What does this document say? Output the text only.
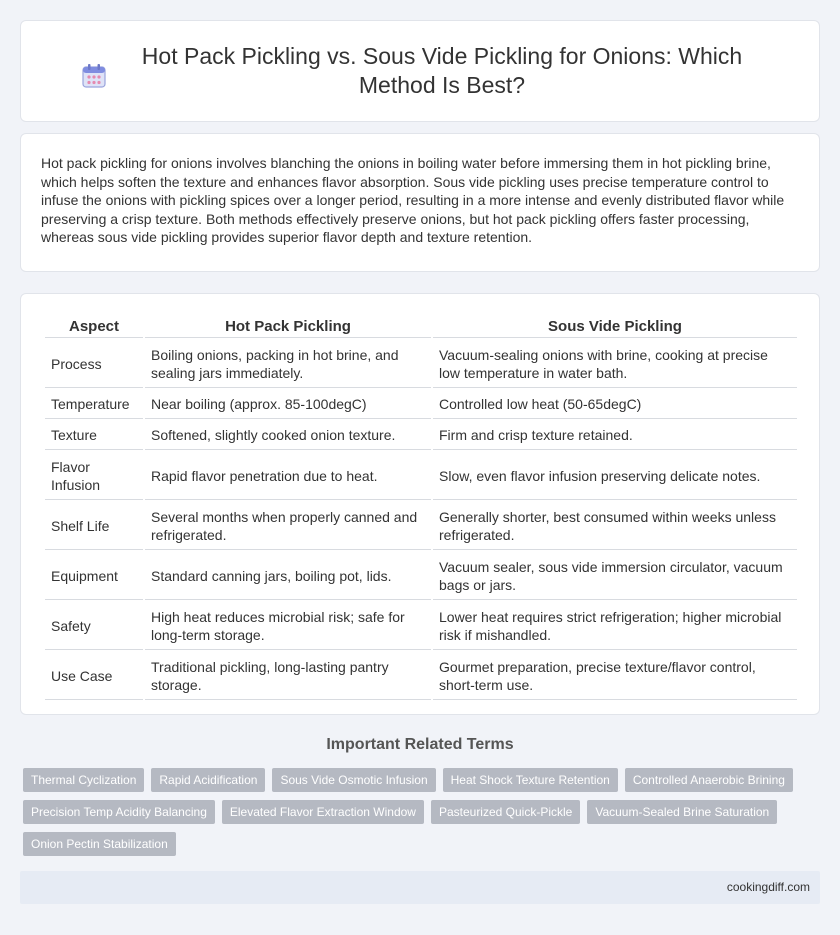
Hot Pack Pickling vs. Sous Vide Pickling for Onions: Which Method Is Best?

Hot pack pickling for onions involves blanching the onions in boiling water before immersing them in hot pickling brine, which helps soften the texture and enhances flavor absorption. Sous vide pickling uses precise temperature control to infuse the onions with pickling spices over a longer period, resulting in a more intense and evenly distributed flavor while preserving a crisp texture. Both methods effectively preserve onions, but hot pack pickling offers faster processing, whereas sous vide pickling provides superior flavor depth and texture retention.

Aspect	Hot Pack Pickling	Sous Vide Pickling
Process	Boiling onions, packing in hot brine, and sealing jars immediately.	Vacuum-sealing onions with brine, cooking at precise low temperature in water bath.
Temperature	Near boiling (approx. 85-100degC)	Controlled low heat (50-65degC)
Texture	Softened, slightly cooked onion texture.	Firm and crisp texture retained.
Flavor Infusion	Rapid flavor penetration due to heat.	Slow, even flavor infusion preserving delicate notes.
Shelf Life	Several months when properly canned and refrigerated.	Generally shorter, best consumed within weeks unless refrigerated.
Equipment	Standard canning jars, boiling pot, lids.	Vacuum sealer, sous vide immersion circulator, vacuum bags or jars.
Safety	High heat reduces microbial risk; safe for long-term storage.	Lower heat requires strict refrigeration; higher microbial risk if mishandled.
Use Case	Traditional pickling, long-lasting pantry storage.	Gourmet preparation, precise texture/flavor control, short-term use.
Important Related Terms
Thermal Cyclization	Rapid Acidification	Sous Vide Osmotic Infusion	Heat Shock Texture Retention	Controlled Anaerobic Brining
Precision Temp Acidity Balancing	Elevated Flavor Extraction Window	Pasteurized Quick-Pickle	Vacuum-Sealed Brine Saturation
Onion Pectin Stabilization
cookingdiff.com
